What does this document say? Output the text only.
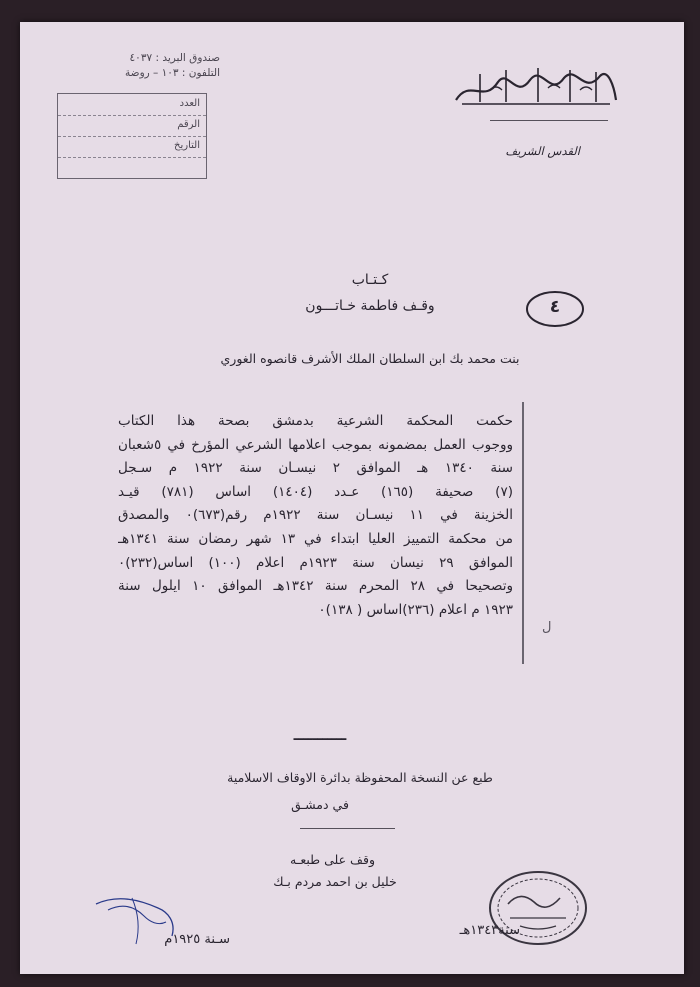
صندوق البريد : ٤٠٣٧
التلفون : ١٠٣ – روضة
العدد
الرقم
التاريخ	القدس الشريف
كـتـاب
وقـف فاطمة خـاتـــون
بنت محمد بك ابن السلطان الملك الأشرف قانصوه الغوري
٤
حكمت المحكمة الشرعية بدمشق بصحة هذا الكتاب
ووجوب العمل بمضمونه بموجب اعلامها الشرعي المؤرخ في ٥شعبان
سنة ١٣٤٠ هـ الموافق ٢ نيسـان سنة ١٩٢٢ م سـجل
(٧) صحيفة (١٦٥) عـدد (١٤٠٤) اساس (٧٨١) قيـد
الخزينة في ١١ نيسـان سنة ١٩٢٢م رقم(٦٧٣)٠ والمصدق
من محكمة التمييز العليا ابتداء في ١٣ شهر رمضان سنة ١٣٤١هـ
الموافق ٢٩ نيسان سنة ١٩٢٣م اعلام (١٠٠) اساس(٢٣٢)٠
وتصحيحا في ٢٨ المحرم سنة ١٣٤٢هـ الموافق ١٠ ايلول سنة
١٩٢٣ م اعلام (٢٣٦)اساس ( ١٣٨)٠
ﻝ
ـــــــــــ
طبع عن النسخة المحفوظة بدائرة الاوقاف الاسلامية
في دمشـق
وقف على طبعـه
خليل بن احمد مردم بـك
سنة١٣٤٣هـ
سـنة ١٩٢٥م
